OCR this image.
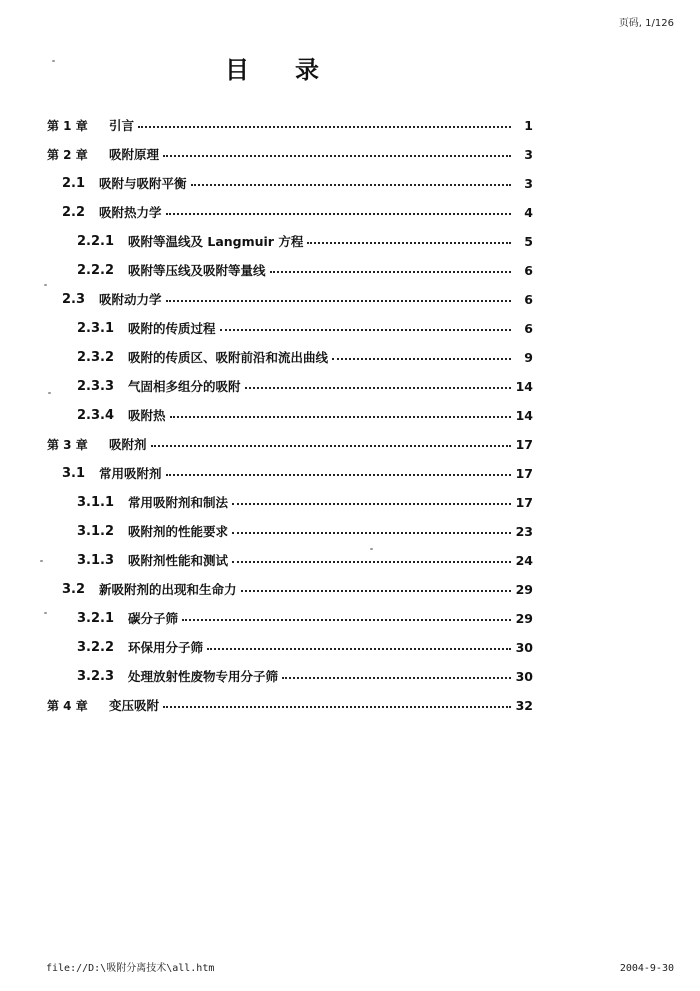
页码, 1/126
目录
第 1 章	引言	1
第 2 章	吸附原理	3
2.1	吸附与吸附平衡	3
2.2	吸附热力学	4
2.2.1	吸附等温线及 Langmuir 方程	5
2.2.2	吸附等压线及吸附等量线	6
2.3	吸附动力学	6
2.3.1	吸附的传质过程	6
2.3.2	吸附的传质区、吸附前沿和流出曲线	9
2.3.3	气固相多组分的吸附	14
2.3.4	吸附热	14
第 3 章	吸附剂	17
3.1	常用吸附剂	17
3.1.1	常用吸附剂和制法	17
3.1.2	吸附剂的性能要求	23
3.1.3	吸附剂性能和测试	24
3.2	新吸附剂的出现和生命力	29
3.2.1	碳分子筛	29
3.2.2	环保用分子筛	30
3.2.3	处理放射性废物专用分子筛	30
第 4 章	变压吸附	32
file://D:\吸附分离技术\all.htm	2004-9-30
